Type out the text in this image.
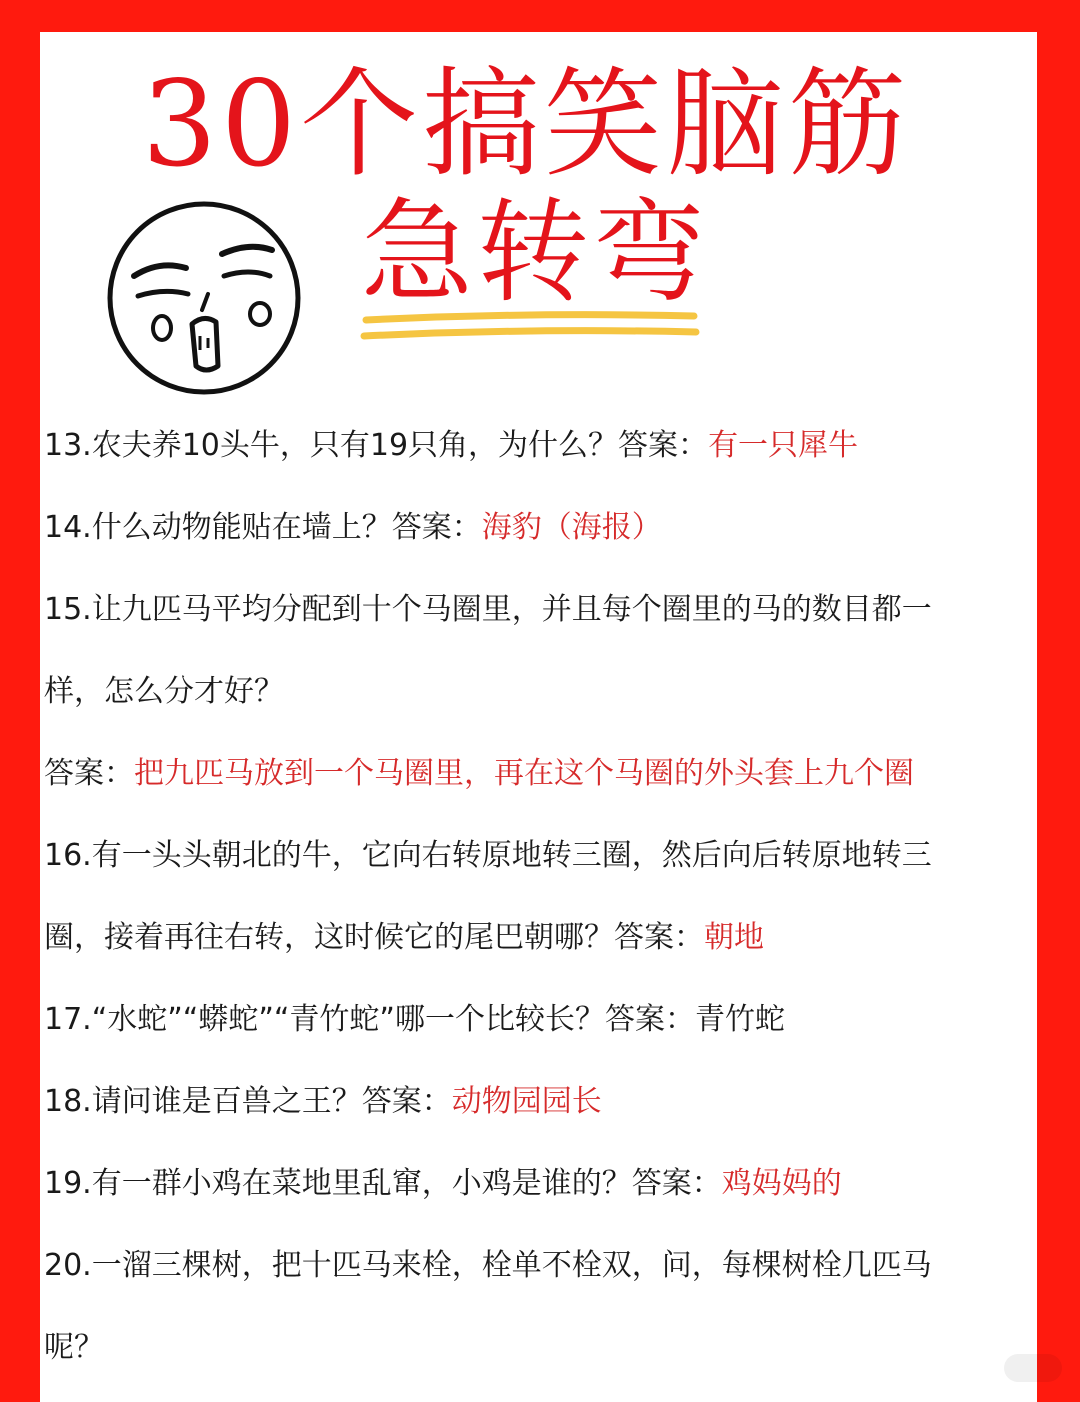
30个搞笑脑筋
急转弯
13.农夫养10头牛，只有19只角，为什么？答案：有一只犀牛
14.什么动物能贴在墙上？答案：海豹（海报）
15.让九匹马平均分配到十个马圈里，并且每个圈里的马的数目都一
样，怎么分才好？
答案：把九匹马放到一个马圈里，再在这个马圈的外头套上九个圈
16.有一头头朝北的牛，它向右转原地转三圈，然后向后转原地转三
圈，接着再往右转，这时候它的尾巴朝哪？答案：朝地
17.“水蛇”“蟒蛇”“青竹蛇”哪一个比较长？答案：青竹蛇
18.请问谁是百兽之王？答案：动物园园长
19.有一群小鸡在菜地里乱窜，小鸡是谁的？答案：鸡妈妈的
20.一溜三棵树，把十匹马来栓，栓单不栓双，问，每棵树栓几匹马
呢？
